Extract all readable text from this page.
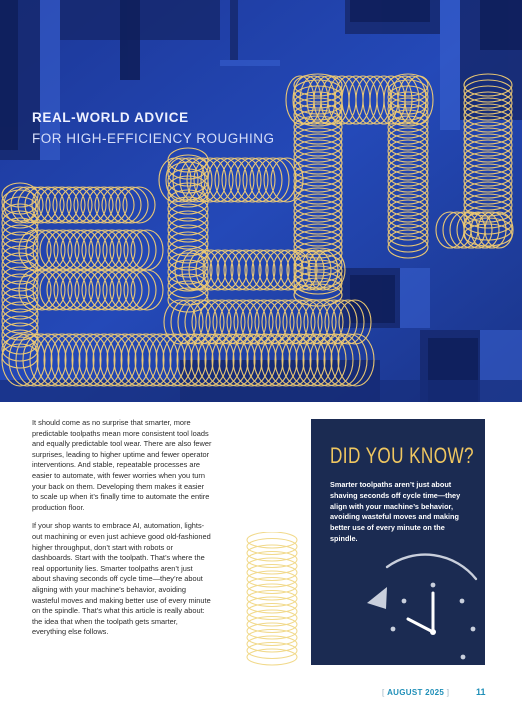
REAL-WORLD ADVICE
FOR HIGH-EFFICIENCY ROUGHING

It should come as no surprise that smarter, more predictable toolpaths mean more consistent tool loads and equally predictable tool wear. There are also fewer surprises, leading to higher uptime and fewer operator interventions. And stable, repeatable processes are easier to automate, with fewer worries when you turn your back on them. Developing them makes it easier to scale up when it’s finally time to automate the entire production floor.

If your shop wants to embrace AI, automation, lights-out machining or even just achieve good old-fashioned higher throughput, don’t start with robots or dashboards. Start with the toolpath. That’s where the real opportunity lies. Smarter toolpaths aren’t just about shaving seconds off cycle time—they’re about aligning with your machine’s behavior, avoiding wasteful moves and making better use of every minute on the spindle. That’s what this article is really about: the idea that when the toolpath gets smarter, everything else follows.

DID YOU KNOW?
Smarter toolpaths aren’t just about shaving seconds off cycle time—they align with your machine’s behavior, avoiding wasteful moves and making better use of every minute on the spindle.
[ AUGUST 2025 ]	11
